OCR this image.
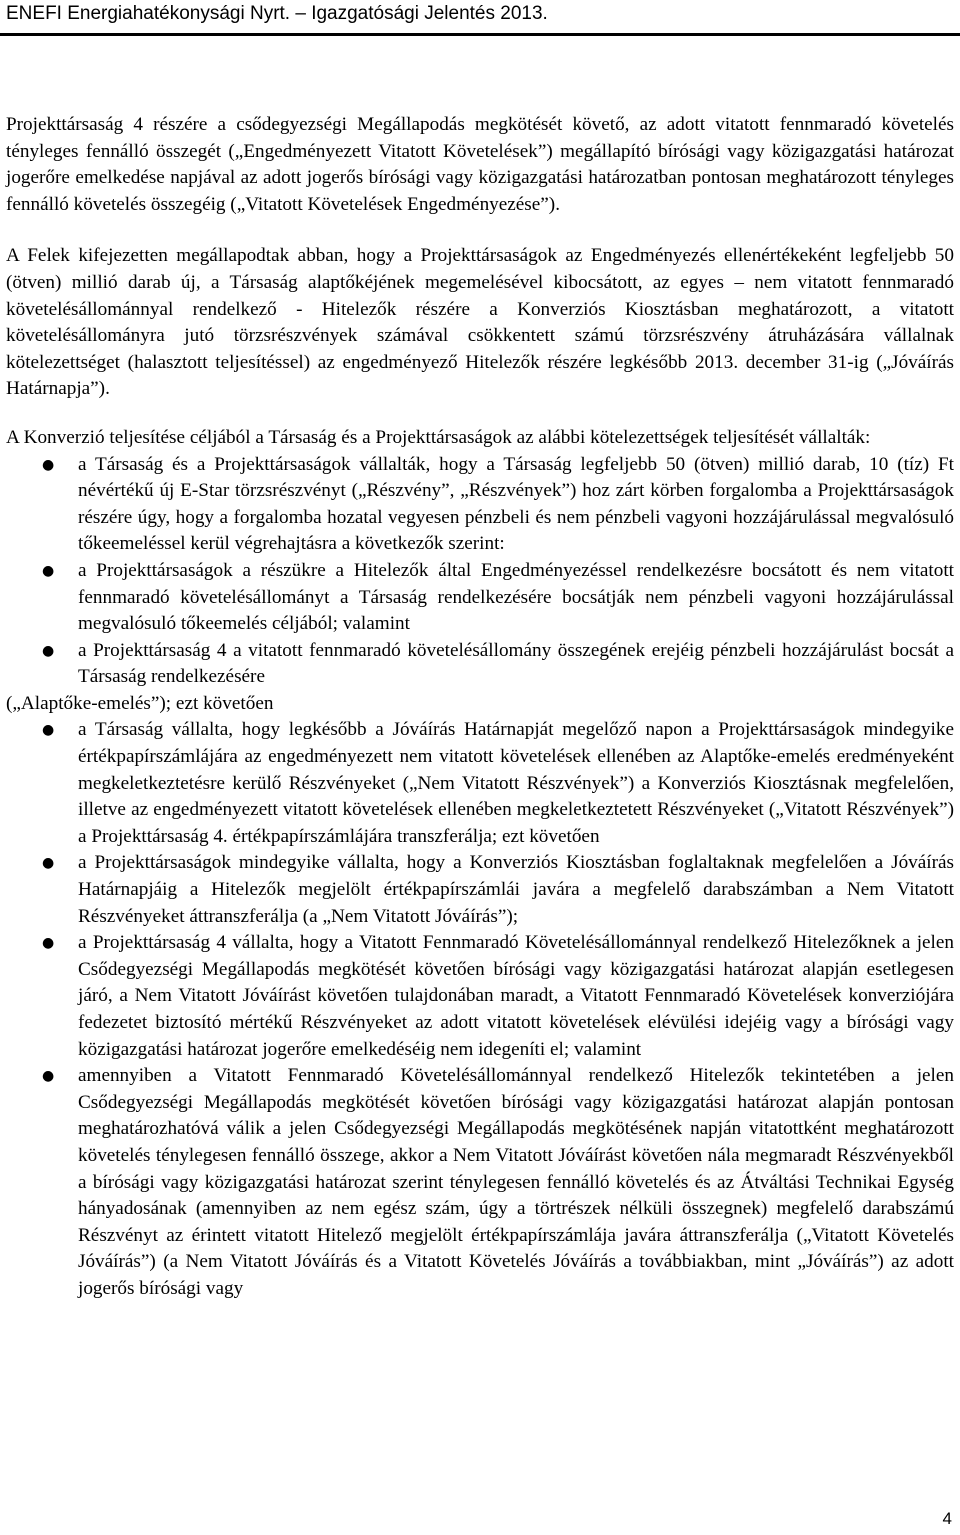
ENEFI Energiahatékonysági Nyrt. – Igazgatósági Jelentés 2013.

Projekttársaság 4 részére a csődegyezségi Megállapodás megkötését követő, az adott vitatott fennmaradó követelés tényleges fennálló összegét („Engedményezett Vitatott Követelések”) megállapító bírósági vagy közigazgatási határozat jogerőre emelkedése napjával az adott jogerős bírósági vagy közigazgatási határozatban pontosan meghatározott tényleges fennálló követelés összegéig („Vitatott Követelések Engedményezése”).

A Felek kifejezetten megállapodtak abban, hogy a Projekttársaságok az Engedményezés ellenértékeként legfeljebb 50 (ötven) millió darab új, a Társaság alaptőkéjének megemelésével kibocsátott, az egyes – nem vitatott fennmaradó követelésállománnyal rendelkező - Hitelezők részére a Konverziós Kiosztásban meghatározott, a vitatott követelésállományra jutó törzsrészvények számával csökkentett számú törzsrészvény átruházására vállalnak kötelezettséget (halasztott teljesítéssel) az engedményező Hitelezők részére legkésőbb 2013. december 31-ig („Jóváírás Határnapja”).

A Konverzió teljesítése céljából a Társaság és a Projekttársaságok az alábbi kötelezettségek teljesítését vállalták:

● a Társaság és a Projekttársaságok vállalták, hogy a Társaság legfeljebb 50 (ötven) millió darab, 10 (tíz) Ft névértékű új E-Star törzsrészvényt („Részvény”, „Részvények”) hoz zárt körben forgalomba a Projekttársaságok részére úgy, hogy a forgalomba hozatal vegyesen pénzbeli és nem pénzbeli vagyoni hozzájárulással megvalósuló tőkeemeléssel kerül végrehajtásra a következők szerint:
● a Projekttársaságok a részükre a Hitelezők által Engedményezéssel rendelkezésre bocsátott és nem vitatott fennmaradó követelésállományt a Társaság rendelkezésére bocsátják nem pénzbeli vagyoni hozzájárulással megvalósuló tőkeemelés céljából; valamint
● a Projekttársaság 4 a vitatott fennmaradó követelésállomány összegének erejéig pénzbeli hozzájárulást bocsát a Társaság rendelkezésére

(„Alaptőke-emelés”); ezt követően

● a Társaság vállalta, hogy legkésőbb a Jóváírás Határnapját megelőző napon a Projekttársaságok mindegyike értékpapírszámlájára az engedményezett nem vitatott követelések ellenében az Alaptőke-emelés eredményeként megkeletkeztetésre kerülő Részvényeket („Nem Vitatott Részvények”) a Konverziós Kiosztásnak megfelelően, illetve az engedményezett vitatott követelések ellenében megkeletkeztetett Részvényeket („Vitatott Részvények”) a Projekttársaság 4. értékpapírszámlájára transzferálja; ezt követően
● a Projekttársaságok mindegyike vállalta, hogy a Konverziós Kiosztásban foglaltaknak megfelelően a Jóváírás Határnapjáig a Hitelezők megjelölt értékpapírszámlái javára a megfelelő darabszámban a Nem Vitatott Részvényeket áttranszferálja (a „Nem Vitatott Jóváírás”);
● a Projekttársaság 4 vállalta, hogy a Vitatott Fennmaradó Követelésállománnyal rendelkező Hitelezőknek a jelen Csődegyezségi Megállapodás megkötését követően bírósági vagy közigazgatási határozat alapján esetlegesen járó, a Nem Vitatott Jóváírást követően tulajdonában maradt, a Vitatott Fennmaradó Követelések konverziójára fedezetet biztosító mértékű Részvényeket az adott vitatott követelések elévülési idejéig vagy a bírósági vagy közigazgatási határozat jogerőre emelkedéséig nem idegeníti el; valamint
● amennyiben a Vitatott Fennmaradó Követelésállománnyal rendelkező Hitelezők tekintetében a jelen Csődegyezségi Megállapodás megkötését követően bírósági vagy közigazgatási határozat alapján pontosan meghatározhatóvá válik a jelen Csődegyezségi Megállapodás megkötésének napján vitatottként meghatározott követelés ténylegesen fennálló összege, akkor a Nem Vitatott Jóváírást követően nála megmaradt Részvényekből a bírósági vagy közigazgatási határozat szerint ténylegesen fennálló követelés és az Átváltási Technikai Egység hányadosának (amennyiben az nem egész szám, úgy a törtrészek nélküli összegnek) megfelelő darabszámú Részvényt az érintett vitatott Hitelező megjelölt értékpapírszámlája javára áttranszferálja („Vitatott Követelés Jóváírás”) (a Nem Vitatott Jóváírás és a Vitatott Követelés Jóváírás a továbbiakban, mint „Jóváírás”) az adott jogerős bírósági vagy
4
